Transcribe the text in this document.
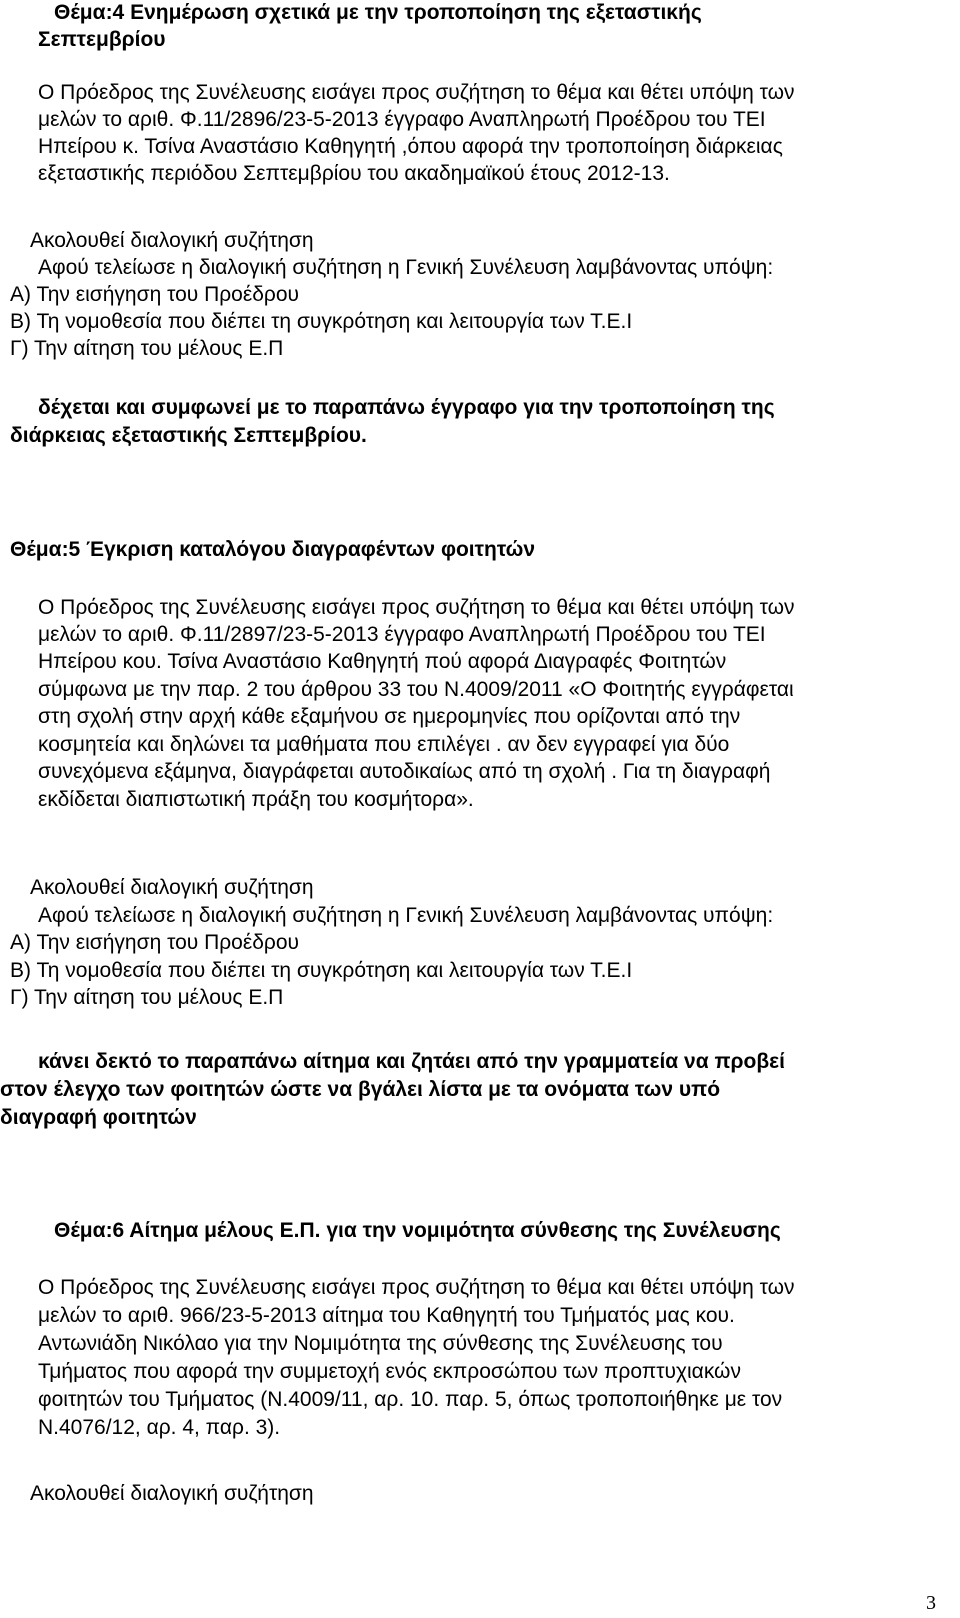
Θέμα:4 Ενημέρωση σχετικά με την τροποποίηση της εξεταστικής

Σεπτεμβρίου

Ο Πρόεδρος της Συνέλευσης εισάγει προς συζήτηση το θέμα και θέτει υπόψη των

μελών το αριθ. Φ.11/2896/23-5-2013 έγγραφο Αναπληρωτή Προέδρου του ΤΕΙ

Ηπείρου κ. Τσίνα Αναστάσιο Καθηγητή ,όπου αφορά την τροποποίηση διάρκειας

εξεταστικής περιόδου Σεπτεμβρίου του ακαδημαϊκού έτους 2012-13.

Ακολουθεί διαλογική συζήτηση

Αφού τελείωσε η διαλογική συζήτηση η Γενική Συνέλευση λαμβάνοντας υπόψη:

Α) Την εισήγηση του Προέδρου

Β) Τη νομοθεσία που διέπει τη συγκρότηση και λειτουργία των Τ.Ε.Ι

Γ) Την αίτηση του μέλους Ε.Π

δέχεται και συμφωνεί με το παραπάνω έγγραφο για την τροποποίηση της

διάρκειας εξεταστικής Σεπτεμβρίου.

Θέμα:5 Έγκριση καταλόγου διαγραφέντων φοιτητών

Ο Πρόεδρος της Συνέλευσης εισάγει προς συζήτηση το θέμα και θέτει υπόψη των

μελών το αριθ. Φ.11/2897/23-5-2013 έγγραφο Αναπληρωτή Προέδρου του ΤΕΙ

Ηπείρου κου. Τσίνα Αναστάσιο Καθηγητή πού αφορά Διαγραφές Φοιτητών

σύμφωνα με την παρ. 2 του άρθρου 33 του Ν.4009/2011 «Ο Φοιτητής εγγράφεται

στη σχολή στην αρχή κάθε εξαμήνου σε ημερομηνίες που ορίζονται από την

κοσμητεία και δηλώνει τα μαθήματα που επιλέγει . αν δεν εγγραφεί για δύο

συνεχόμενα εξάμηνα, διαγράφεται αυτοδικαίως από τη σχολή . Για τη διαγραφή

εκδίδεται διαπιστωτική πράξη του κοσμήτορα».

Ακολουθεί διαλογική συζήτηση

Αφού τελείωσε η διαλογική συζήτηση η Γενική Συνέλευση λαμβάνοντας υπόψη:

Α) Την εισήγηση του Προέδρου

Β) Τη νομοθεσία που διέπει τη συγκρότηση και λειτουργία των Τ.Ε.Ι

Γ) Την αίτηση του μέλους Ε.Π

κάνει δεκτό το παραπάνω αίτημα και ζητάει από την γραμματεία να προβεί

στον έλεγχο των φοιτητών ώστε να βγάλει λίστα με τα ονόματα των υπό

διαγραφή φοιτητών

Θέμα:6 Αίτημα μέλους Ε.Π. για την νομιμότητα σύνθεσης της Συνέλευσης

Ο Πρόεδρος της Συνέλευσης εισάγει προς συζήτηση το θέμα και θέτει υπόψη των

μελών το αριθ. 966/23-5-2013 αίτημα του Καθηγητή του Τμήματός μας κου.

Αντωνιάδη Νικόλαο για την Νομιμότητα της σύνθεσης της Συνέλευσης του

Τμήματος που αφορά την συμμετοχή ενός εκπροσώπου των προπτυχιακών

φοιτητών του Τμήματος (Ν.4009/11, αρ. 10. παρ. 5, όπως τροποποιήθηκε με τον

Ν.4076/12, αρ. 4, παρ. 3).

Ακολουθεί διαλογική συζήτηση

3
